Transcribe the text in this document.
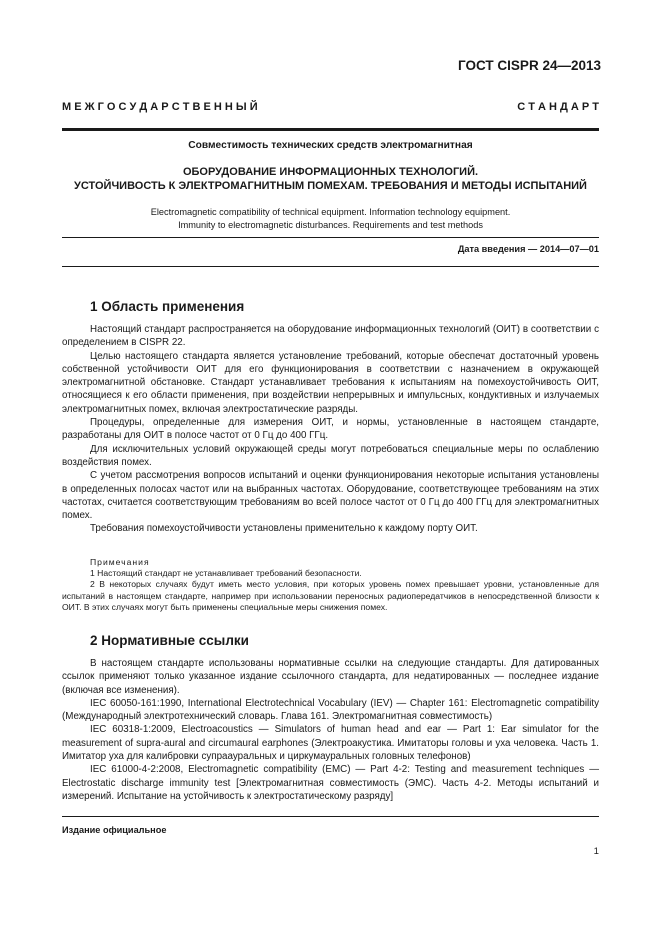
ГОСТ CISPR 24—2013
М Е Ж Г О С У Д А Р С Т В Е Н Н Ы Й	С Т А Н Д А Р Т
Совместимость технических средств электромагнитная
ОБОРУДОВАНИЕ ИНФОРМАЦИОННЫХ ТЕХНОЛОГИЙ.
УСТОЙЧИВОСТЬ К ЭЛЕКТРОМАГНИТНЫМ ПОМЕХАМ. ТРЕБОВАНИЯ И МЕТОДЫ ИСПЫТАНИЙ
Electromagnetic compatibility of technical equipment. Information technology equipment.
Immunity to electromagnetic disturbances. Requirements and test methods
Дата введения — 2014—07—01
1 Область применения

Настоящий стандарт распространяется на оборудование информационных технологий (ОИТ) в соответствии с определением в CISPR 22.

Целью настоящего стандарта является установление требований, которые обеспечат достаточный уровень собственной устойчивости ОИТ для его функционирования в соответствии с назначением в окружающей электромагнитной обстановке. Стандарт устанавливает требования к испытаниям на помехоустойчивость ОИТ, относящиеся к его области применения, при воздействии непрерывных и импульсных, кондуктивных и излучаемых электромагнитных помех, включая электростатические разряды.

Процедуры, определенные для измерения ОИТ, и нормы, установленные в настоящем стандарте, разработаны для ОИТ в полосе частот от 0 Гц до 400 ГГц.

Для исключительных условий окружающей среды могут потребоваться специальные меры по ослаблению воздействия помех.

С учетом рассмотрения вопросов испытаний и оценки функционирования некоторые испытания установлены в определенных полосах частот или на выбранных частотах. Оборудование, соответствующее требованиям на этих частотах, считается соответствующим требованиям во всей полосе частот от 0 Гц до 400 ГГц для электромагнитных помех.

Требования помехоустойчивости установлены применительно к каждому порту ОИТ.

Примечания

1 Настоящий стандарт не устанавливает требований безопасности.

2 В некоторых случаях будут иметь место условия, при которых уровень помех превышает уровни, установленные для испытаний в настоящем стандарте, например при использовании переносных радиопередатчиков в непосредственной близости к ОИТ. В этих случаях могут быть применены специальные меры снижения помех.

2 Нормативные ссылки

В настоящем стандарте использованы нормативные ссылки на следующие стандарты. Для датированных ссылок применяют только указанное издание ссылочного стандарта, для недатированных — последнее издание (включая все изменения).

IEC 60050-161:1990, International Electrotechnical Vocabulary (IEV) — Chapter 161: Electromagnetic compatibility (Международный электротехнический словарь. Глава 161. Электромагнитная совместимость)

IEC 60318-1:2009, Electroacoustics — Simulators of human head and ear — Part 1: Ear simulator for the measurement of supra-aural and circumaural earphones (Электроакустика. Имитаторы головы и уха человека. Часть 1. Имитатор уха для калибровки супраауральных и циркумауральных головных телефонов)

IEC 61000-4-2:2008, Electromagnetic compatibility (EMC) — Part 4-2: Testing and measurement techniques — Electrostatic discharge immunity test [Электромагнитная совместимость (ЭМС). Часть 4-2. Методы испытаний и измерений. Испытание на устойчивость к электростатическому разряду]

Издание официальное
1
